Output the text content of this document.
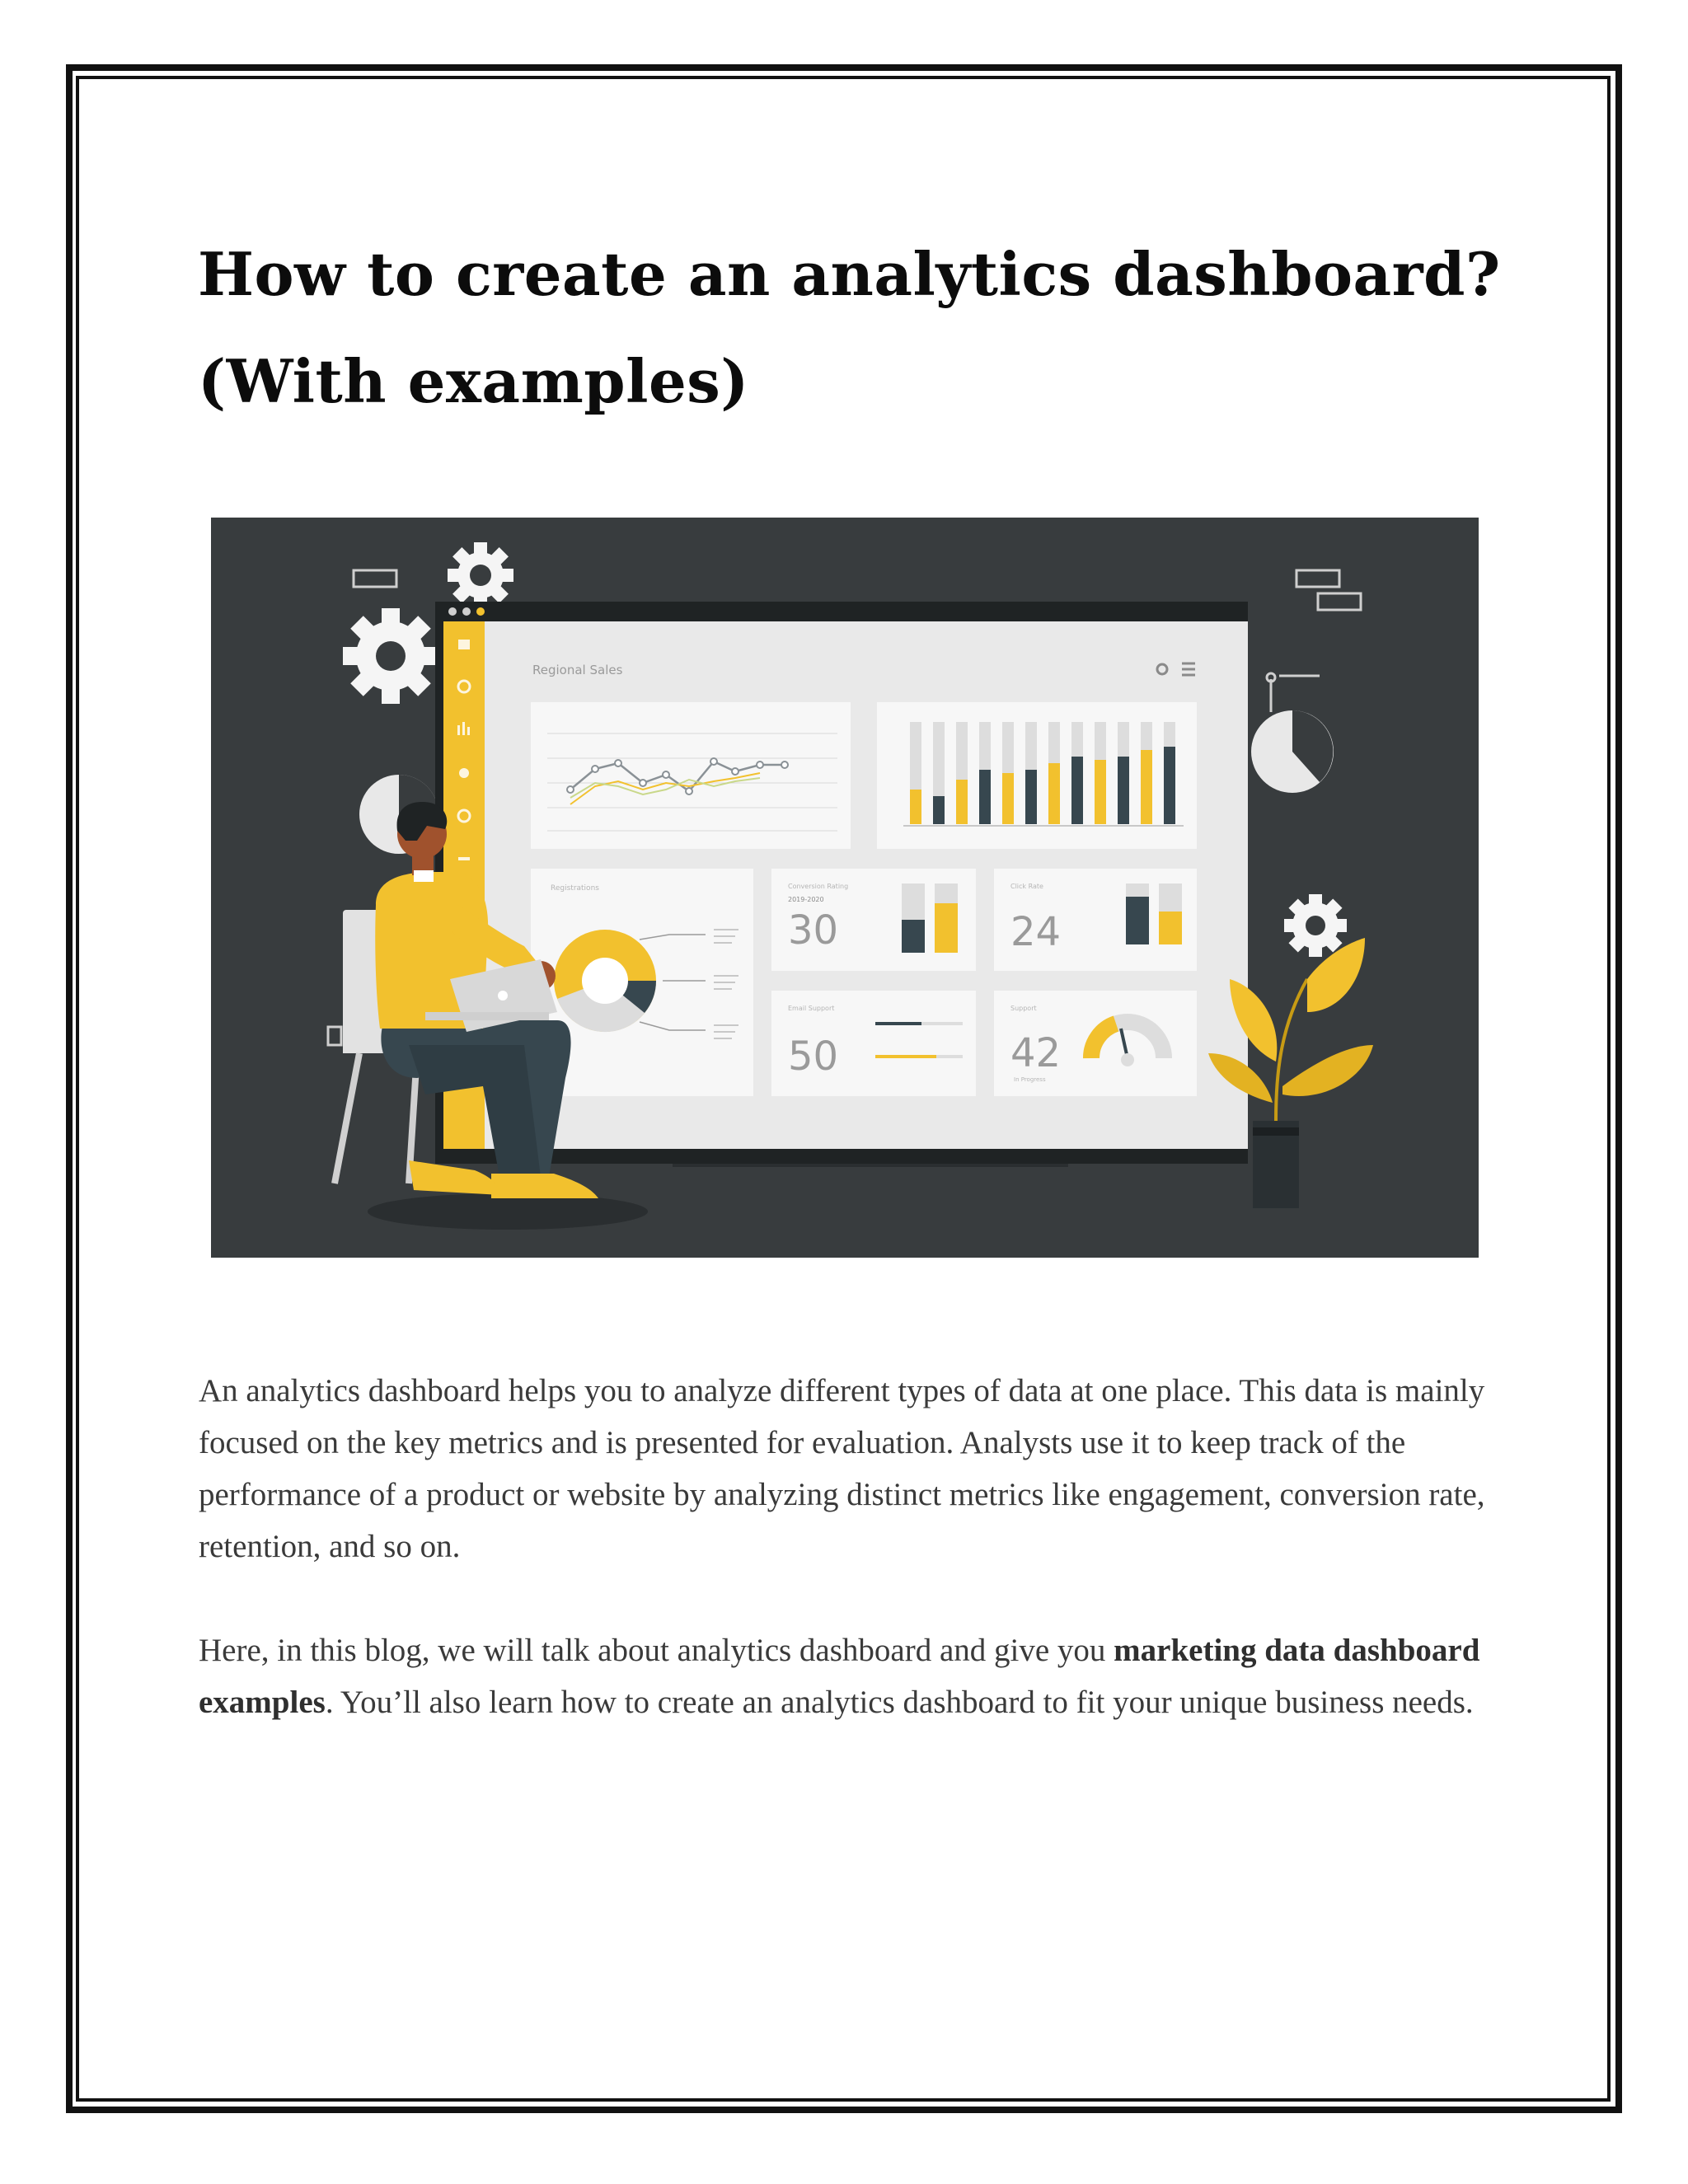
How to create an analytics dashboard?
(With examples)
Regional Sales
Registrations	Conversion Rating
2019-2020
30
Click Rate
24
Email Support
50
Support
42
In Progress

An analytics dashboard helps you to analyze different types of data at one place. This data is mainly focused on the key metrics and is presented for evaluation. Analysts use it to keep track of the performance of a product or website by analyzing distinct metrics like engagement, conversion rate, retention, and so on.

Here, in this blog, we will talk about analytics dashboard and give you marketing data dashboard examples. You’ll also learn how to create an analytics dashboard to fit your unique business needs.
